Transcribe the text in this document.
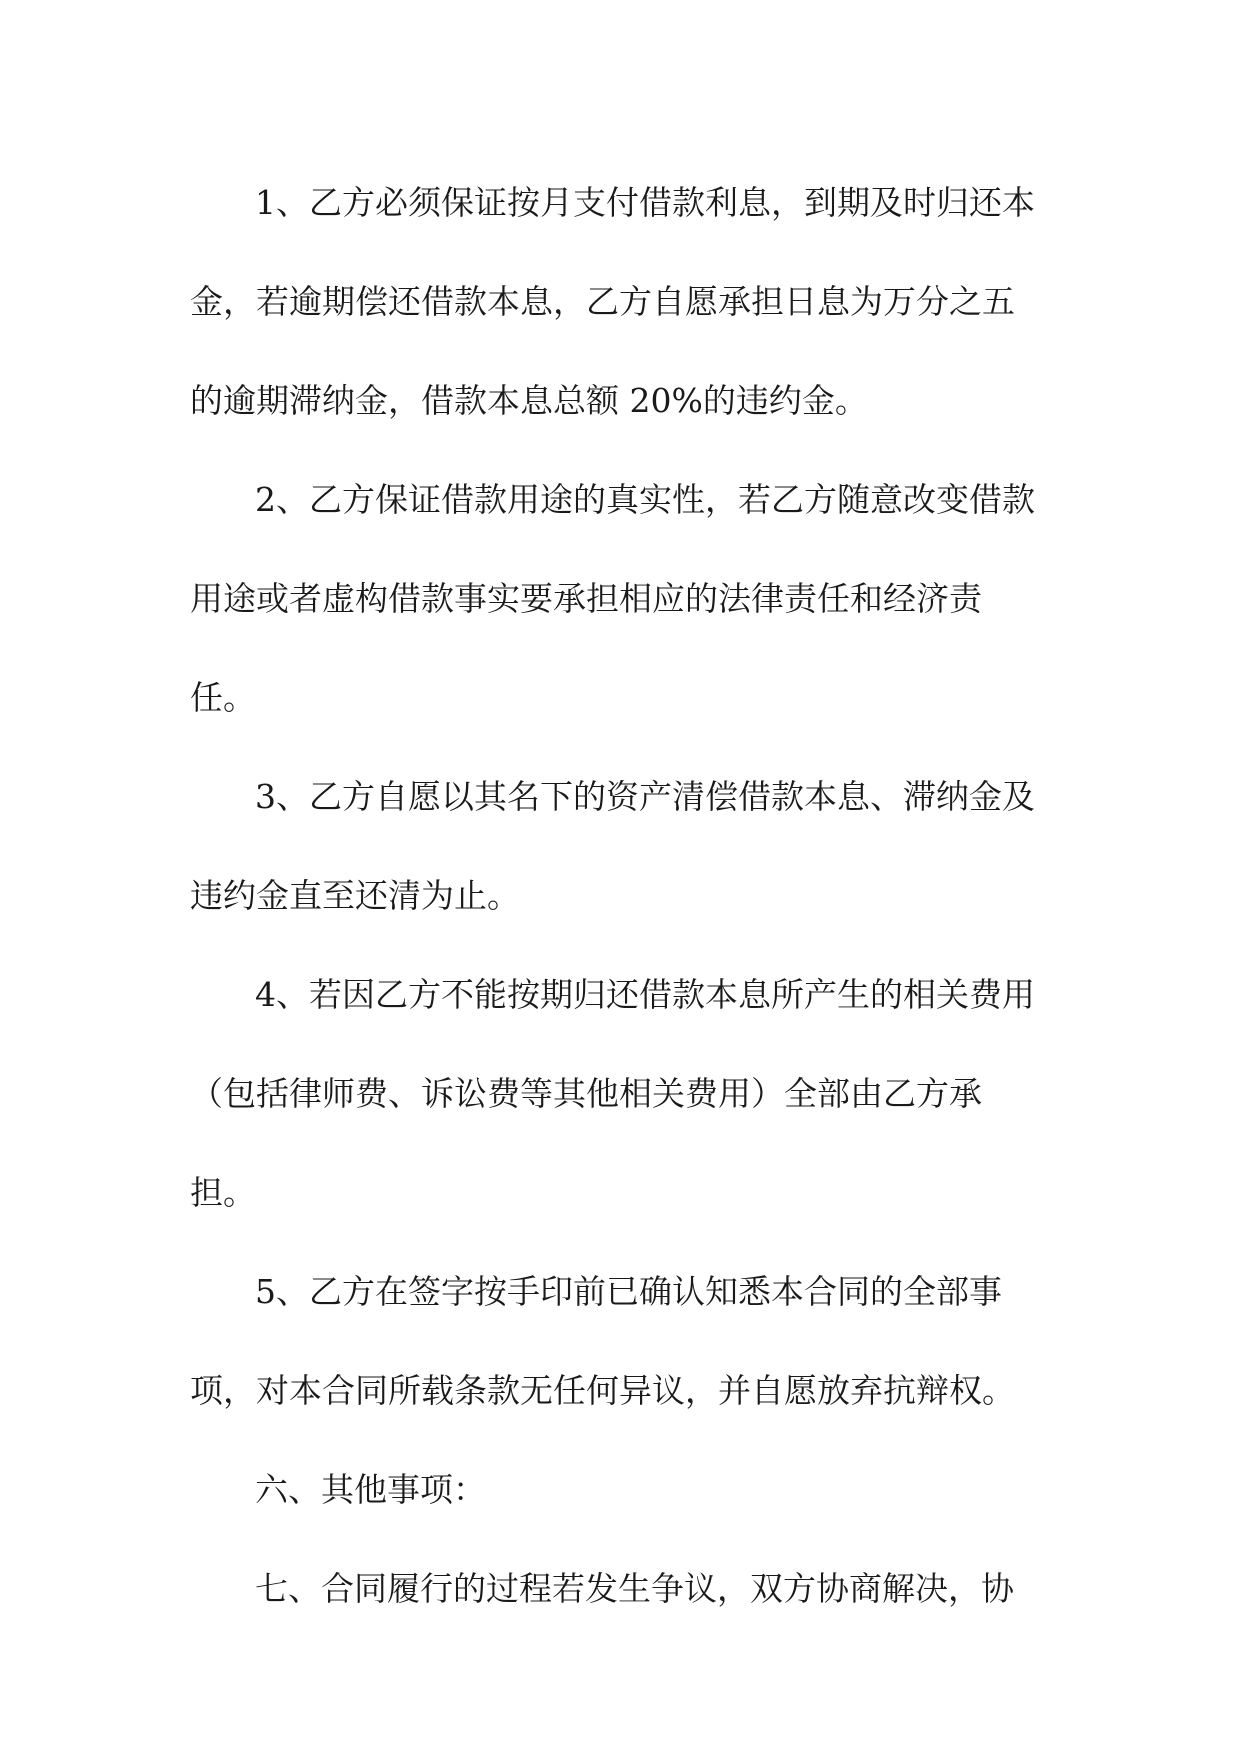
1、乙方必须保证按月支付借款利息，到期及时归还本

金，若逾期偿还借款本息，乙方自愿承担日息为万分之五

的逾期滞纳金，借款本息总额 20%的违约金。

2、乙方保证借款用途的真实性，若乙方随意改变借款

用途或者虚构借款事实要承担相应的法律责任和经济责

任。

3、乙方自愿以其名下的资产清偿借款本息、滞纳金及

违约金直至还清为止。

4、若因乙方不能按期归还借款本息所产生的相关费用

（包括律师费、诉讼费等其他相关费用）全部由乙方承

担。

5、乙方在签字按手印前已确认知悉本合同的全部事

项，对本合同所载条款无任何异议，并自愿放弃抗辩权。

六、其他事项：

七、合同履行的过程若发生争议，双方协商解决，协
